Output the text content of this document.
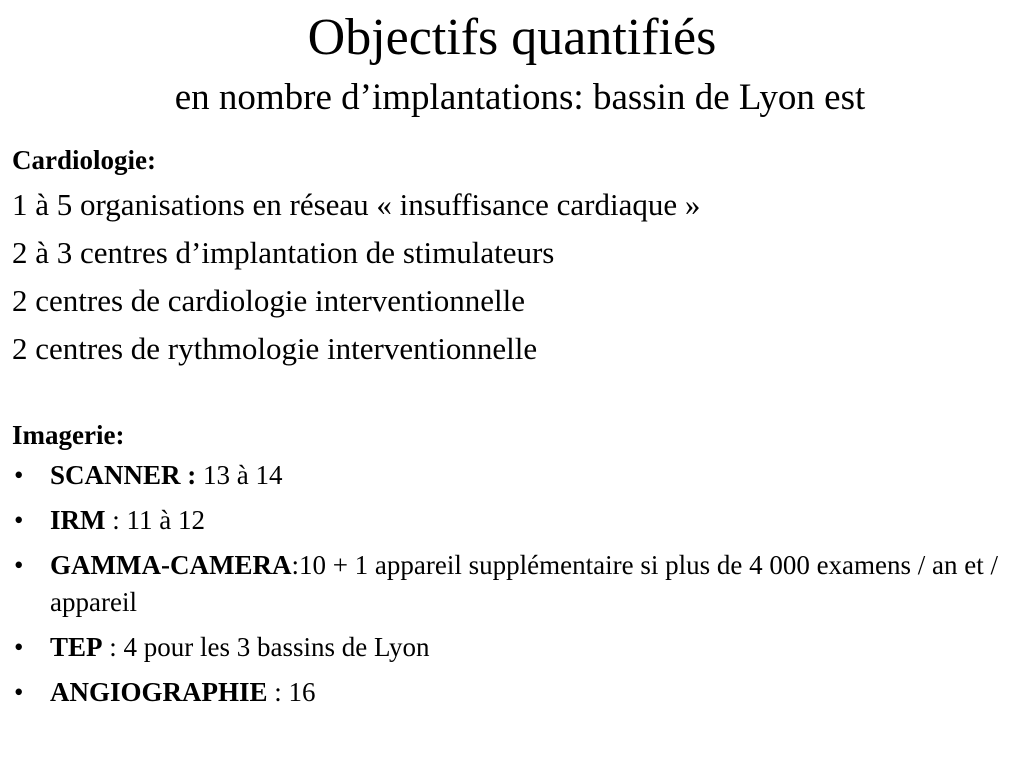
Objectifs quantifiés
en nombre d’implantations: bassin de Lyon est
Cardiologie:
1 à 5 organisations en réseau « insuffisance cardiaque »
2 à 3 centres d’implantation de stimulateurs
2 centres de cardiologie interventionnelle
2 centres de rythmologie interventionnelle
Imagerie:
• SCANNER : 13 à 14
• IRM : 11 à 12
• GAMMA-CAMERA:10 + 1 appareil supplémentaire si plus de 4 000 examens / an et / appareil
• TEP : 4 pour les 3 bassins de Lyon
• ANGIOGRAPHIE : 16
